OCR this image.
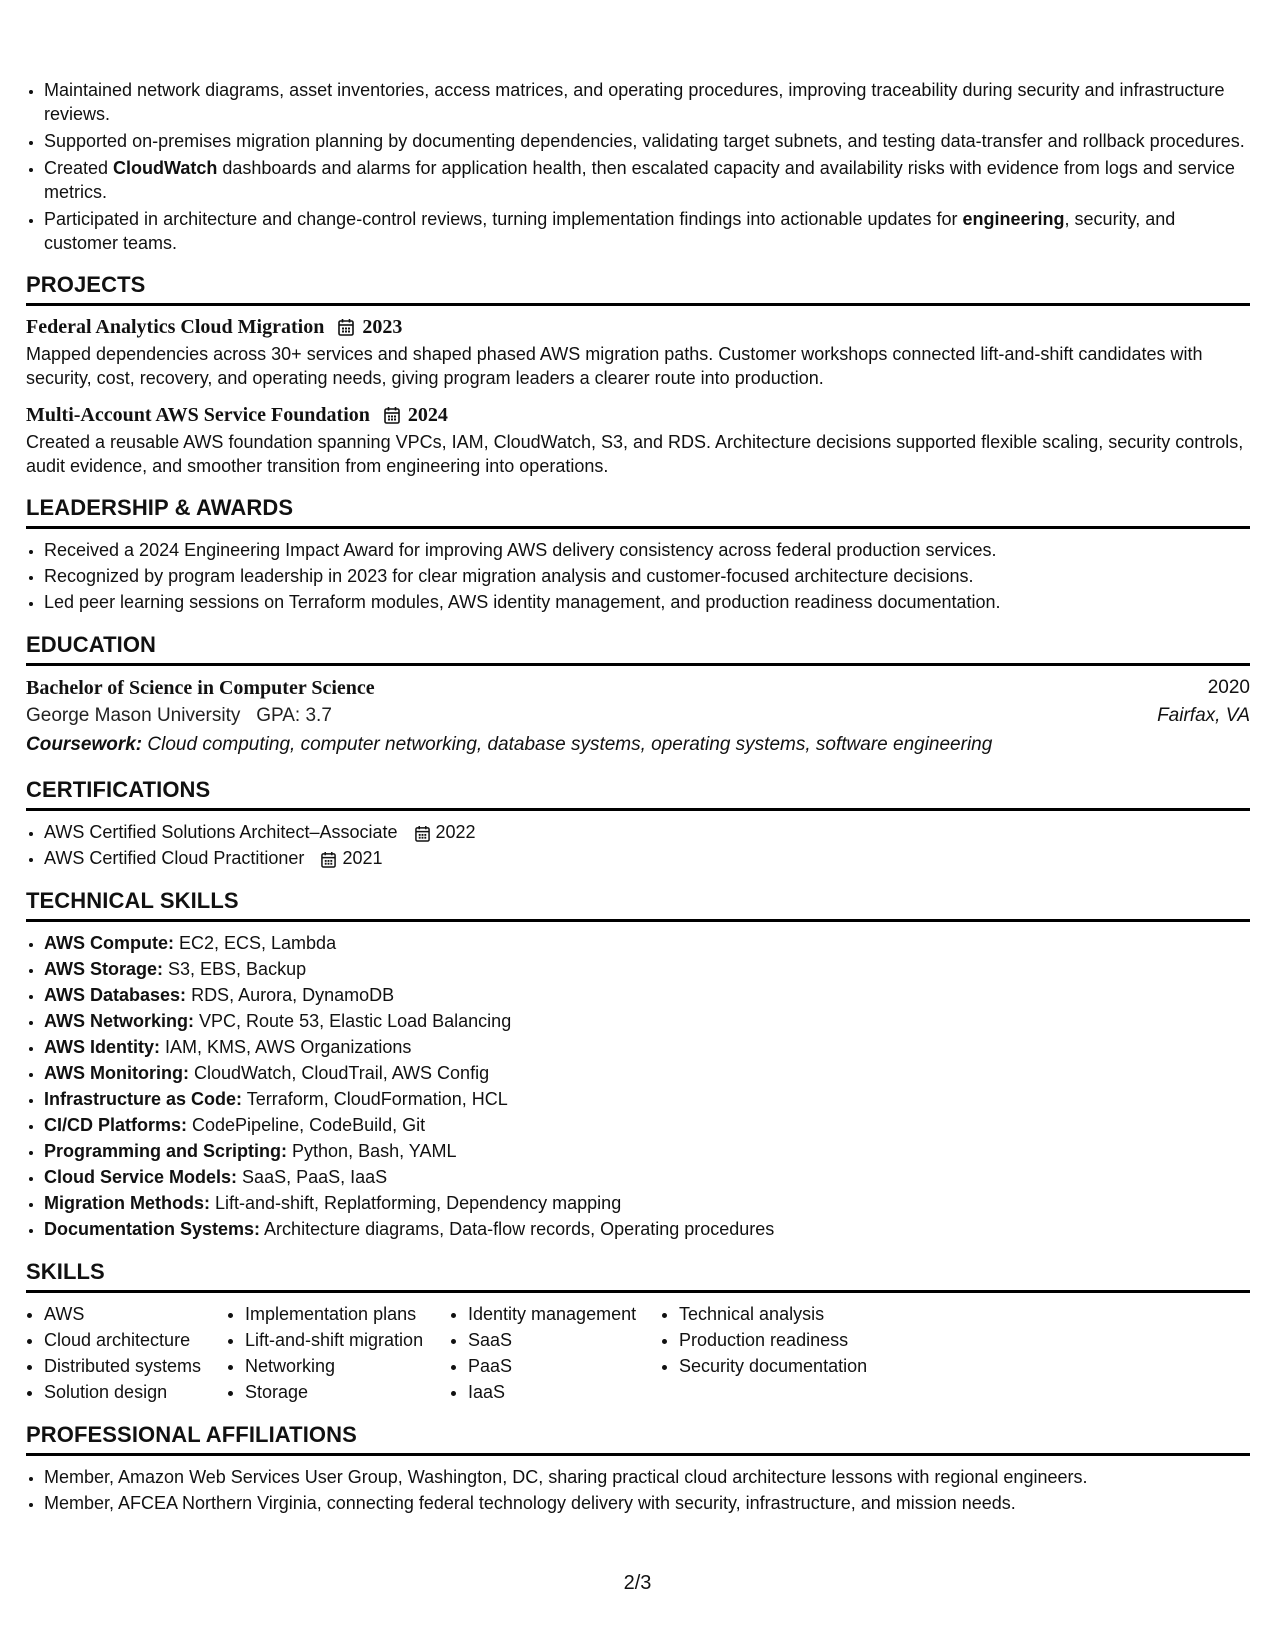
• Maintained network diagrams, asset inventories, access matrices, and operating procedures, improving traceability during security and infrastructure reviews.
• Supported on-premises migration planning by documenting dependencies, validating target subnets, and testing data-transfer and rollback procedures.
• Created CloudWatch dashboards and alarms for application health, then escalated capacity and availability risks with evidence from logs and service metrics.
• Participated in architecture and change-control reviews, turning implementation findings into actionable updates for engineering, security, and customer teams.
PROJECTS
Federal Analytics Cloud Migration 2023

Mapped dependencies across 30+ services and shaped phased AWS migration paths. Customer workshops connected lift-and-shift candidates with security, cost, recovery, and operating needs, giving program leaders a clearer route into production.

Multi-Account AWS Service Foundation 2024

Created a reusable AWS foundation spanning VPCs, IAM, CloudWatch, S3, and RDS. Architecture decisions supported flexible scaling, security controls, audit evidence, and smoother transition from engineering into operations.

LEADERSHIP & AWARDS
• Received a 2024 Engineering Impact Award for improving AWS delivery consistency across federal production services.
• Recognized by program leadership in 2023 for clear migration analysis and customer-focused architecture decisions.
• Led peer learning sessions on Terraform modules, AWS identity management, and production readiness documentation.
EDUCATION
Bachelor of Science in Computer Science	2020
George Mason University GPA: 3.7	Fairfax, VA
Coursework: Cloud computing, computer networking, database systems, operating systems, software engineering
CERTIFICATIONS
• AWS Certified Solutions Architect–Associate 2022
• AWS Certified Cloud Practitioner 2021
TECHNICAL SKILLS
• AWS Compute: EC2, ECS, Lambda
• AWS Storage: S3, EBS, Backup
• AWS Databases: RDS, Aurora, DynamoDB
• AWS Networking: VPC, Route 53, Elastic Load Balancing
• AWS Identity: IAM, KMS, AWS Organizations
• AWS Monitoring: CloudWatch, CloudTrail, AWS Config
• Infrastructure as Code: Terraform, CloudFormation, HCL
• CI/CD Platforms: CodePipeline, CodeBuild, Git
• Programming and Scripting: Python, Bash, YAML
• Cloud Service Models: SaaS, PaaS, IaaS
• Migration Methods: Lift-and-shift, Replatforming, Dependency mapping
• Documentation Systems: Architecture diagrams, Data-flow records, Operating procedures
SKILLS
• AWS
• Cloud architecture
• Distributed systems
• Solution design
• Implementation plans
• Lift-and-shift migration
• Networking
• Storage
• Identity management
• SaaS
• PaaS
• IaaS
• Technical analysis
• Production readiness
• Security documentation
PROFESSIONAL AFFILIATIONS
• Member, Amazon Web Services User Group, Washington, DC, sharing practical cloud architecture lessons with regional engineers.
• Member, AFCEA Northern Virginia, connecting federal technology delivery with security, infrastructure, and mission needs.
2/3
